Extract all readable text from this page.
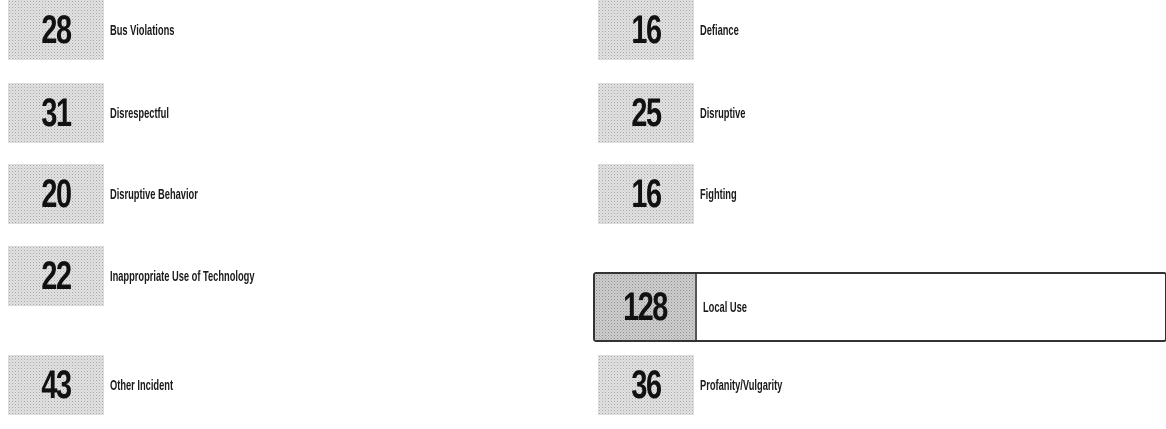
28	Bus Violations
31	Disrespectful
20	Disruptive Behavior
22	Inappropriate Use of Technology
43	Other Incident
16	Defiance
25	Disruptive
16	Fighting
128	Local Use
36	Profanity/Vulgarity
